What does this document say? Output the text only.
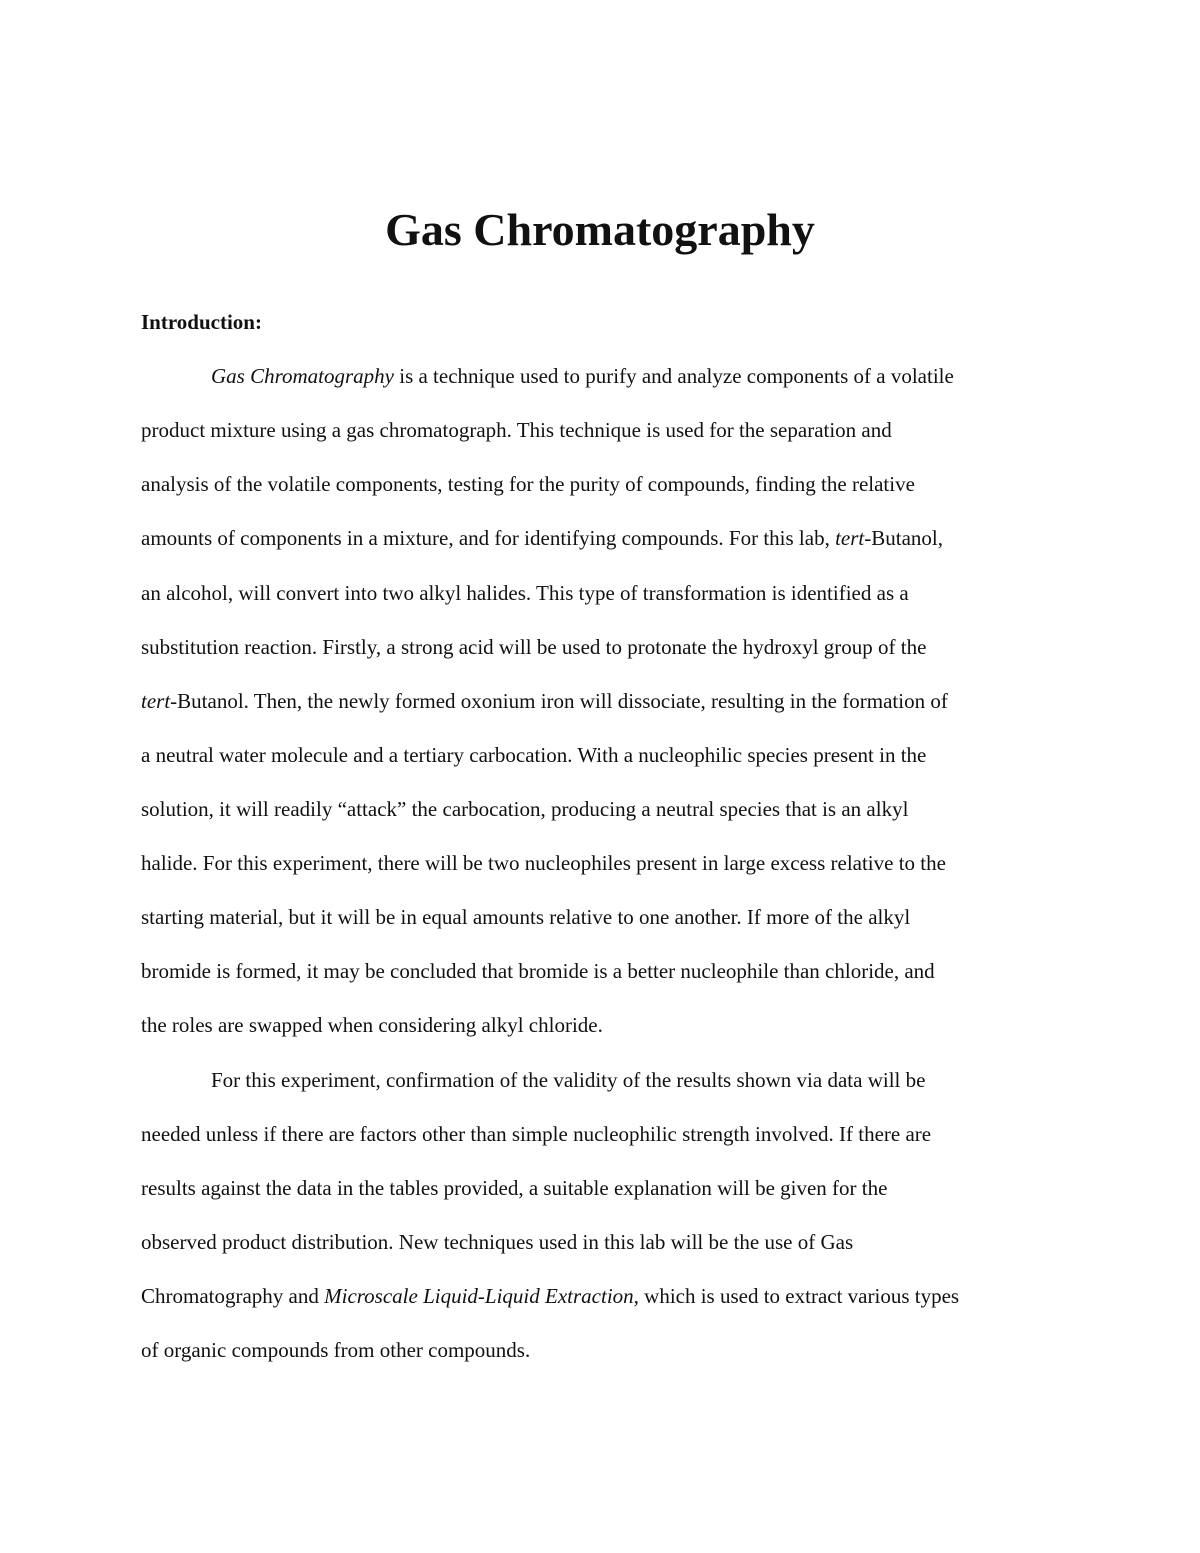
Gas Chromatography
Introduction:
Gas Chromatography is a technique used to purify and analyze components of a volatile
product mixture using a gas chromatograph. This technique is used for the separation and
analysis of the volatile components, testing for the purity of compounds, finding the relative
amounts of components in a mixture, and for identifying compounds. For this lab, tert-Butanol,
an alcohol, will convert into two alkyl halides. This type of transformation is identified as a
substitution reaction. Firstly, a strong acid will be used to protonate the hydroxyl group of the
tert-Butanol. Then, the newly formed oxonium iron will dissociate, resulting in the formation of
a neutral water molecule and a tertiary carbocation. With a nucleophilic species present in the
solution, it will readily “attack” the carbocation, producing a neutral species that is an alkyl
halide. For this experiment, there will be two nucleophiles present in large excess relative to the
starting material, but it will be in equal amounts relative to one another. If more of the alkyl
bromide is formed, it may be concluded that bromide is a better nucleophile than chloride, and
the roles are swapped when considering alkyl chloride.
For this experiment, confirmation of the validity of the results shown via data will be
needed unless if there are factors other than simple nucleophilic strength involved. If there are
results against the data in the tables provided, a suitable explanation will be given for the
observed product distribution. New techniques used in this lab will be the use of Gas
Chromatography and Microscale Liquid-Liquid Extraction, which is used to extract various types
of organic compounds from other compounds.
